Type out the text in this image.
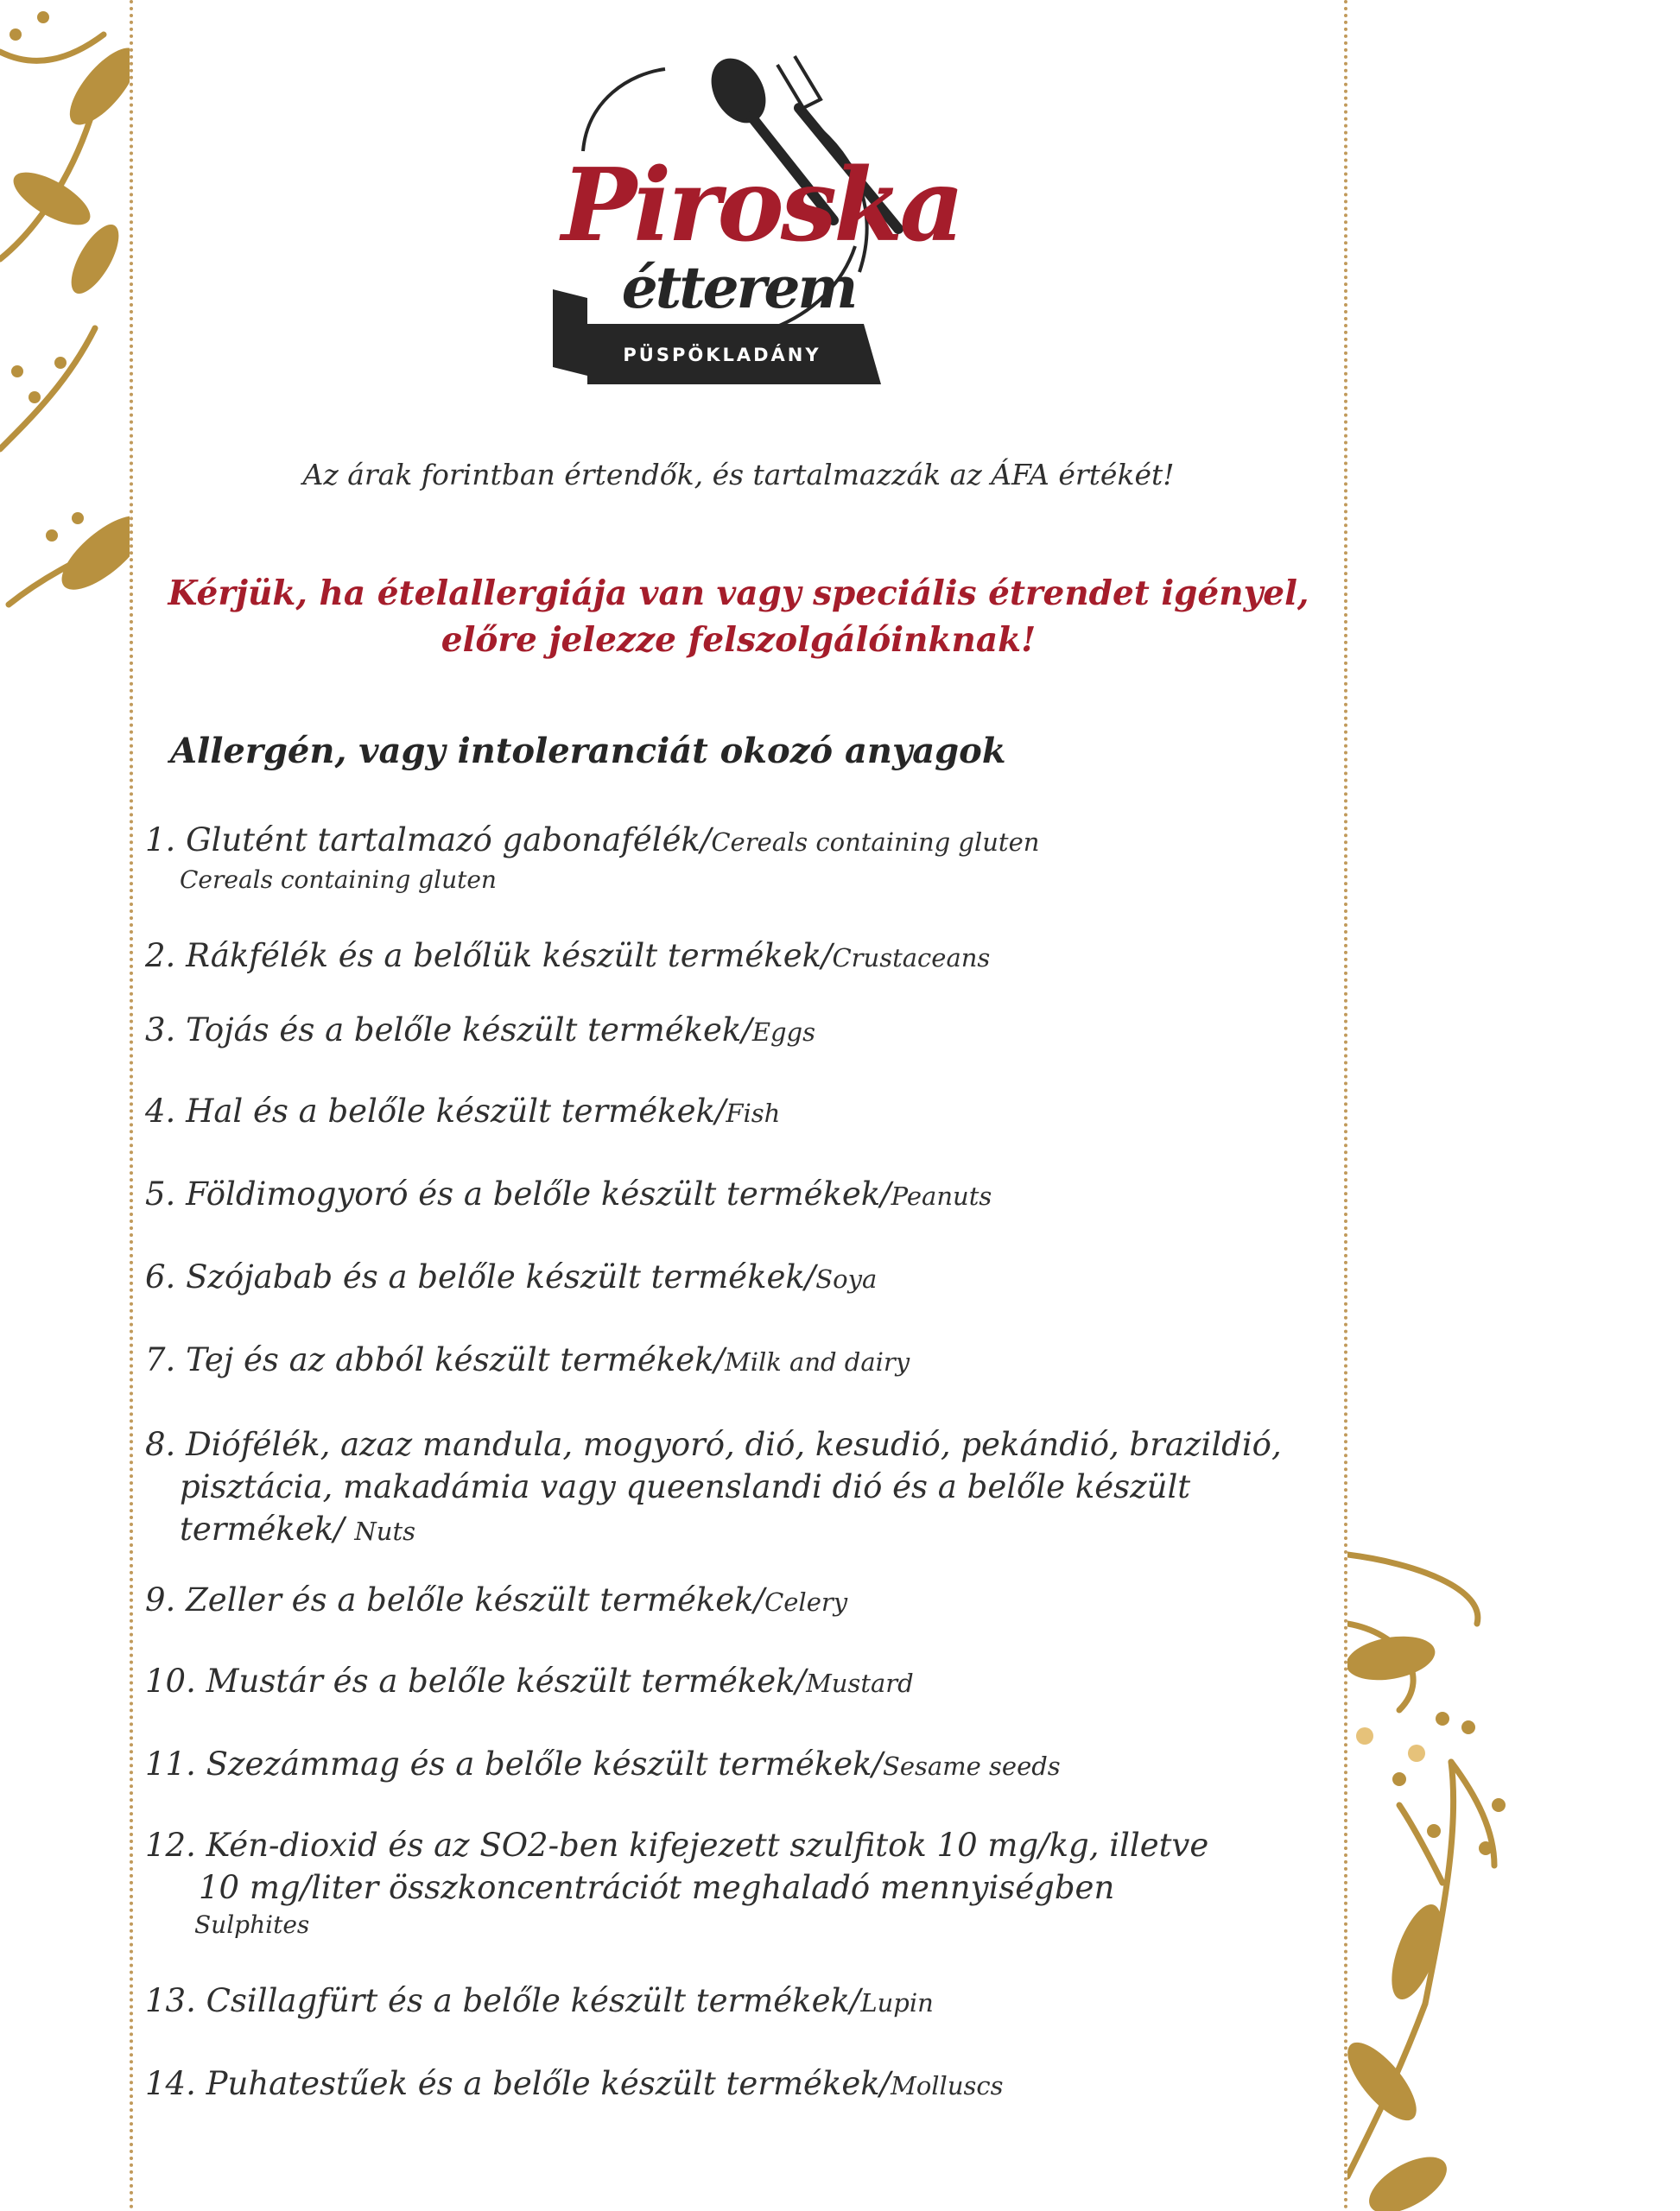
Piroska
étterem
PÜSPÖKLADÁNY
Az árak forintban értendők, és tartalmazzák az ÁFA értékét!
Kérjük, ha ételallergiája van vagy speciális étrendet igényel,
előre jelezze felszolgálóinknak!
Allergén, vagy intoleranciát okozó anyagok
1. Glutént tartalmazó gabonafélék/Cereals containing gluten
Cereals containing gluten
2. Rákfélék és a belőlük készült termékek/Crustaceans
3. Tojás és a belőle készült termékek/Eggs
4. Hal és a belőle készült termékek/Fish
5. Földimogyoró és a belőle készült termékek/Peanuts
6. Szójabab és a belőle készült termékek/Soya
7. Tej és az abból készült termékek/Milk and dairy
8. Diófélék, azaz mandula, mogyoró, dió, kesudió, pekándió, brazildió,
pisztácia, makadámia vagy queenslandi dió és a belőle készült
termékek/ Nuts
9. Zeller és a belőle készült termékek/Celery
10. Mustár és a belőle készült termékek/Mustard
11. Szezámmag és a belőle készült termékek/Sesame seeds
12. Kén-dioxid és az SO2-ben kifejezett szulfitok 10 mg/kg, illetve
10 mg/liter összkoncentrációt meghaladó mennyiségben
Sulphites
13. Csillagfürt és a belőle készült termékek/Lupin
14. Puhatestűek és a belőle készült termékek/Molluscs
